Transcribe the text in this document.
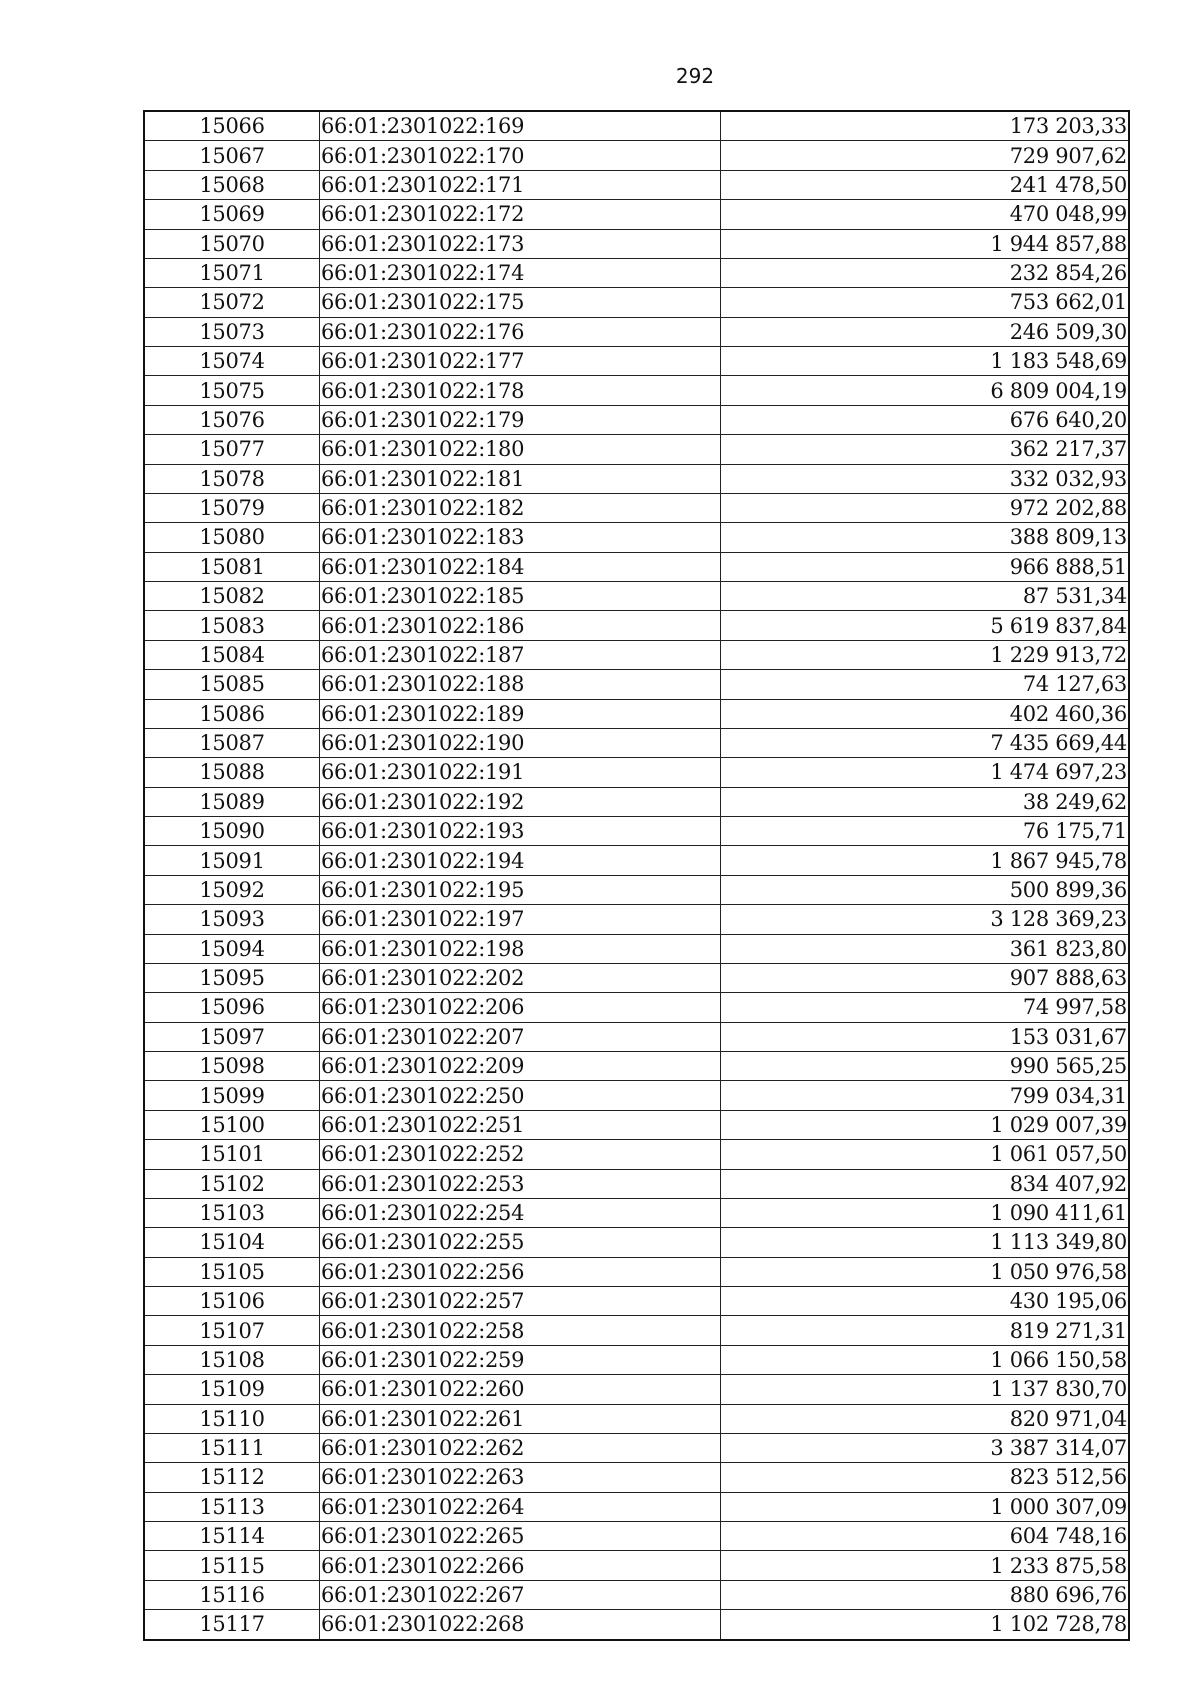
292
15066	66:01:2301022:169	173 203,33
15067	66:01:2301022:170	729 907,62
15068	66:01:2301022:171	241 478,50
15069	66:01:2301022:172	470 048,99
15070	66:01:2301022:173	1 944 857,88
15071	66:01:2301022:174	232 854,26
15072	66:01:2301022:175	753 662,01
15073	66:01:2301022:176	246 509,30
15074	66:01:2301022:177	1 183 548,69
15075	66:01:2301022:178	6 809 004,19
15076	66:01:2301022:179	676 640,20
15077	66:01:2301022:180	362 217,37
15078	66:01:2301022:181	332 032,93
15079	66:01:2301022:182	972 202,88
15080	66:01:2301022:183	388 809,13
15081	66:01:2301022:184	966 888,51
15082	66:01:2301022:185	87 531,34
15083	66:01:2301022:186	5 619 837,84
15084	66:01:2301022:187	1 229 913,72
15085	66:01:2301022:188	74 127,63
15086	66:01:2301022:189	402 460,36
15087	66:01:2301022:190	7 435 669,44
15088	66:01:2301022:191	1 474 697,23
15089	66:01:2301022:192	38 249,62
15090	66:01:2301022:193	76 175,71
15091	66:01:2301022:194	1 867 945,78
15092	66:01:2301022:195	500 899,36
15093	66:01:2301022:197	3 128 369,23
15094	66:01:2301022:198	361 823,80
15095	66:01:2301022:202	907 888,63
15096	66:01:2301022:206	74 997,58
15097	66:01:2301022:207	153 031,67
15098	66:01:2301022:209	990 565,25
15099	66:01:2301022:250	799 034,31
15100	66:01:2301022:251	1 029 007,39
15101	66:01:2301022:252	1 061 057,50
15102	66:01:2301022:253	834 407,92
15103	66:01:2301022:254	1 090 411,61
15104	66:01:2301022:255	1 113 349,80
15105	66:01:2301022:256	1 050 976,58
15106	66:01:2301022:257	430 195,06
15107	66:01:2301022:258	819 271,31
15108	66:01:2301022:259	1 066 150,58
15109	66:01:2301022:260	1 137 830,70
15110	66:01:2301022:261	820 971,04
15111	66:01:2301022:262	3 387 314,07
15112	66:01:2301022:263	823 512,56
15113	66:01:2301022:264	1 000 307,09
15114	66:01:2301022:265	604 748,16
15115	66:01:2301022:266	1 233 875,58
15116	66:01:2301022:267	880 696,76
15117	66:01:2301022:268	1 102 728,78
